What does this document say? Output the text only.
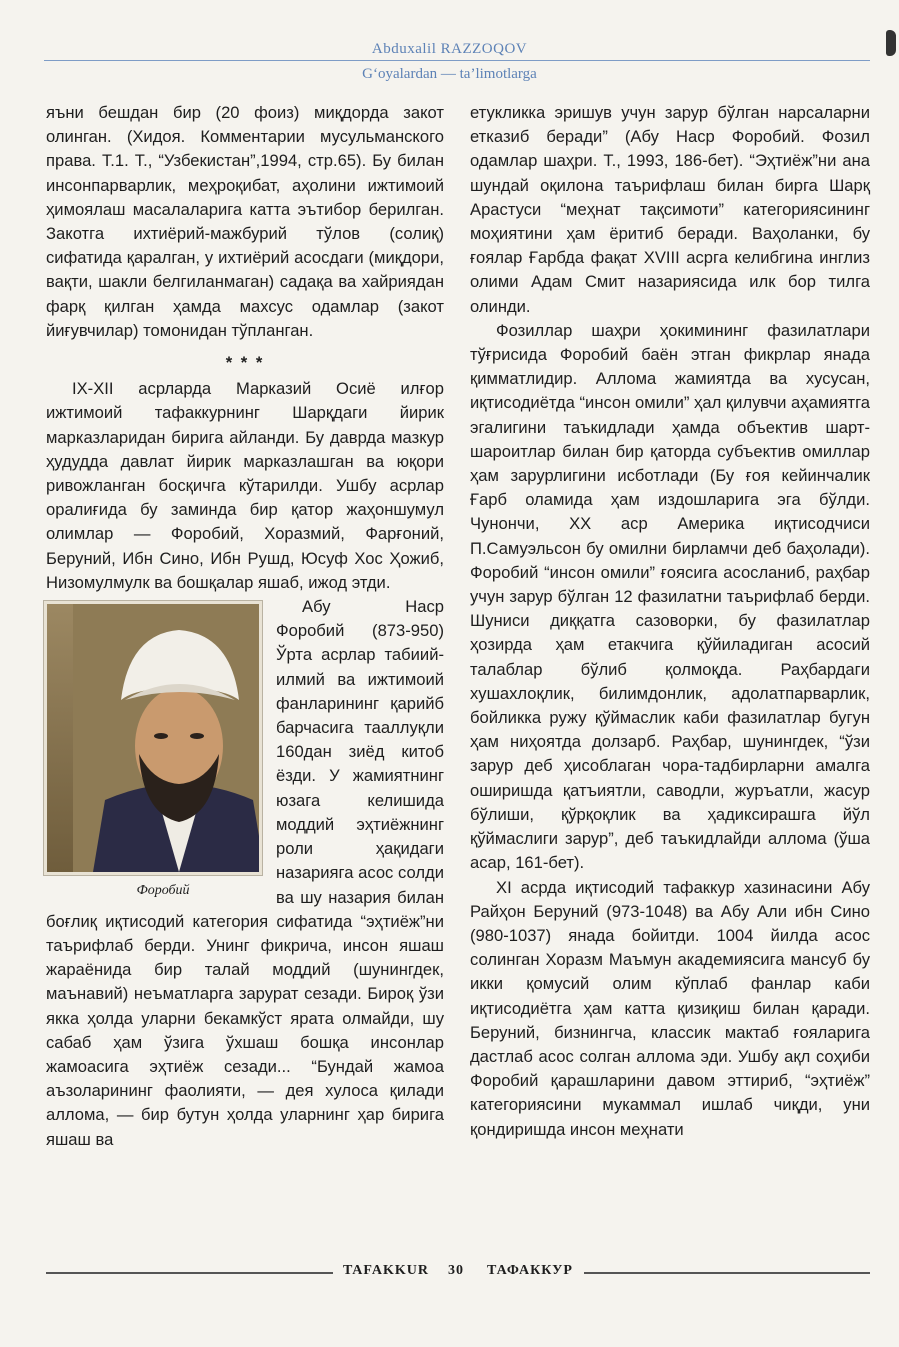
Abduxalil RAZZOQOV
G‘oyalardan — ta’limotlarga

яъни бешдан бир (20 фоиз) миқдорда закот олинган. (Хидоя. Комментарии мусульманского права. Т.1. Т., “Узбекистан”,1994, стр.65). Бу билан инсонпарварлик, меҳроқибат, аҳолини ижтимоий ҳимоялаш масалаларига катта эътибор берилган. Закотга ихтиёрий-мажбурий тўлов (солиқ) сифатида қаралган, у ихтиёрий асосдаги (миқдори, вақти, шакли белгиланмаган) садақа ва хайриядан фарқ қилган ҳамда махсус одамлар (закот йиғувчилар) томонидан тўпланган.

* * *

IX-XII асрларда Марказий Осиё илғор ижтимоий тафаккурнинг Шарқдаги йирик марказларидан бирига айланди. Бу даврда мазкур ҳудудда давлат йирик марказлашган ва юқори ривожланган босқичга кўтарилди. Ушбу асрлар оралиғида бу заминда бир қатор жаҳоншумул олимлар — Форобий, Хоразмий, Фарғоний, Беруний, Ибн Сино, Ибн Рушд, Юсуф Хос Ҳожиб, Низомулмулк ва бошқалар яшаб, ижод этди.

Форобий
Абу Наср Форобий (873-950) Ўрта асрлар табиий-илмий ва ижтимоий фанларининг қарийб барчасига тааллуқли 160дан зиёд китоб ёзди. У жамиятнинг юзага келишида моддий эҳтиёжнинг роли ҳақидаги назарияга асос солди ва шу назария билан боғлиқ иқтисодий категория сифатида “эҳтиёж”ни таърифлаб берди. Унинг фикрича, инсон яшаш жараёнида бир талай моддий (шунингдек, маънавий) неъматларга зарурат сезади. Бироқ ўзи якка ҳолда уларни бекамкўст ярата олмайди, шу сабаб ҳам ўзига ўхшаш бошқа инсонлар жамоасига эҳтиёж сезади... “Бундай жамоа аъзоларининг фаолияти, — дея хулоса қилади аллома, — бир бутун ҳолда уларнинг ҳар бирига яшаш ва

етукликка эришув учун зарур бўлган нарсаларни етказиб беради” (Абу Наср Форобий. Фозил одамлар шаҳри. Т., 1993, 186-бет). “Эҳтиёж”ни ана шундай оқилона таърифлаш билан бирга Шарқ Арастуси “меҳнат тақсимоти” категориясининг моҳиятини ҳам ёритиб беради. Ваҳоланки, бу ғоялар Ғарбда фақат XVIII асрга келибгина инглиз олими Адам Смит назариясида илк бор тилга олинди.

Фозиллар шаҳри ҳокимининг фазилатлари тўғрисида Форобий баён этган фикрлар янада қимматлидир. Аллома жамиятда ва хусусан, иқтисодиётда “инсон омили” ҳал қилувчи аҳамиятга эгалигини таъкидлади ҳамда объектив шарт-шароитлар билан бир қаторда субъектив омиллар ҳам зарурлигини исботлади (Бу ғоя кейинчалик Ғарб оламида ҳам издошларига эга бўлди. Чунончи, XX аср Америка иқтисодчиси П.Самуэльсон бу омилни бирламчи деб баҳолади). Форобий “инсон омили” ғоясига асосланиб, раҳбар учун зарур бўлган 12 фазилатни таърифлаб берди. Шуниси диққатга сазоворки, бу фазилатлар ҳозирда ҳам етакчига қўйиладиган асосий талаблар бўлиб қолмоқда. Раҳбардаги хушахлоқлик, билимдонлик, адолатпарварлик, бойликка ружу қўймаслик каби фазилатлар бугун ҳам ниҳоятда долзарб. Раҳбар, шунингдек, “ўзи зарур деб ҳисоблаган чора-тадбирларни амалга оширишда қатъиятли, саводли, журъатли, жасур бўлиши, қўрқоқлик ва ҳадиксирашга йўл қўймаслиги зарур”, деб таъкидлайди аллома (ўша асар, 161-бет).

XI асрда иқтисодий тафаккур хазинасини Абу Райҳон Беруний (973-1048) ва Абу Али ибн Сино (980-1037) янада бойитди. 1004 йилда асос солинган Хоразм Маъмун академиясига мансуб бу икки қомусий олим кўплаб фанлар каби иқтисодиётга ҳам катта қизиқиш билан қаради. Беруний, бизнингча, классик мактаб ғояларига дастлаб асос солган аллома эди. Ушбу ақл соҳиби Форобий қарашларини давом эттириб, “эҳтиёж” категориясини мукаммал ишлаб чиқди, уни қондиришда инсон меҳнати

TAFAKKUR 30 ТАФАККУР
